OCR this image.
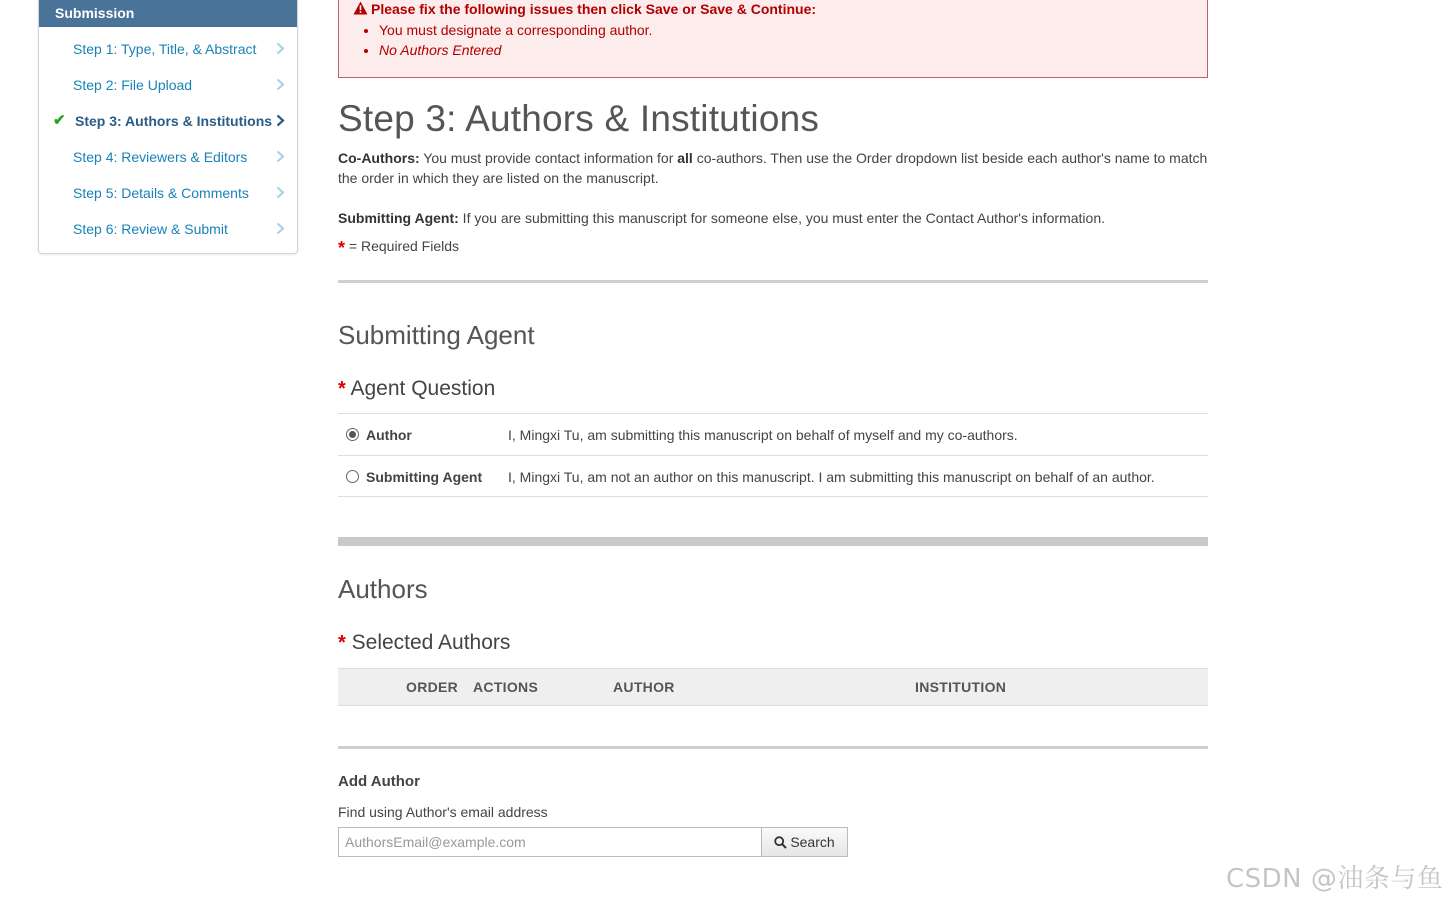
Submission
Step 1: Type, Title, & Abstract
Step 2: File Upload
✔ Step 3: Authors & Institutions
Step 4: Reviewers & Editors
Step 5: Details & Comments
Step 6: Review & Submit
Please fix the following issues then click Save or Save & Continue:
• You must designate a corresponding author.
• No Authors Entered
Step 3: Authors & Institutions
Co-Authors: You must provide contact information for all co-authors. Then use the Order dropdown list beside each author's name to match the order in which they are listed on the manuscript.
Submitting Agent: If you are submitting this manuscript for someone else, you must enter the Contact Author's information.
* = Required Fields
Submitting Agent
* Agent Question
Author	I, Mingxi Tu, am submitting this manuscript on behalf of myself and my co-authors.
Submitting Agent I, Mingxi Tu, am not an author on this manuscript. I am submitting this manuscript on behalf of an author.
Authors
* Selected Authors
ORDER ACTIONS	AUTHOR	INSTITUTION
Add Author
Find using Author's email address
AuthorsEmail@example.com
Search
CSDN @油条与鱼
